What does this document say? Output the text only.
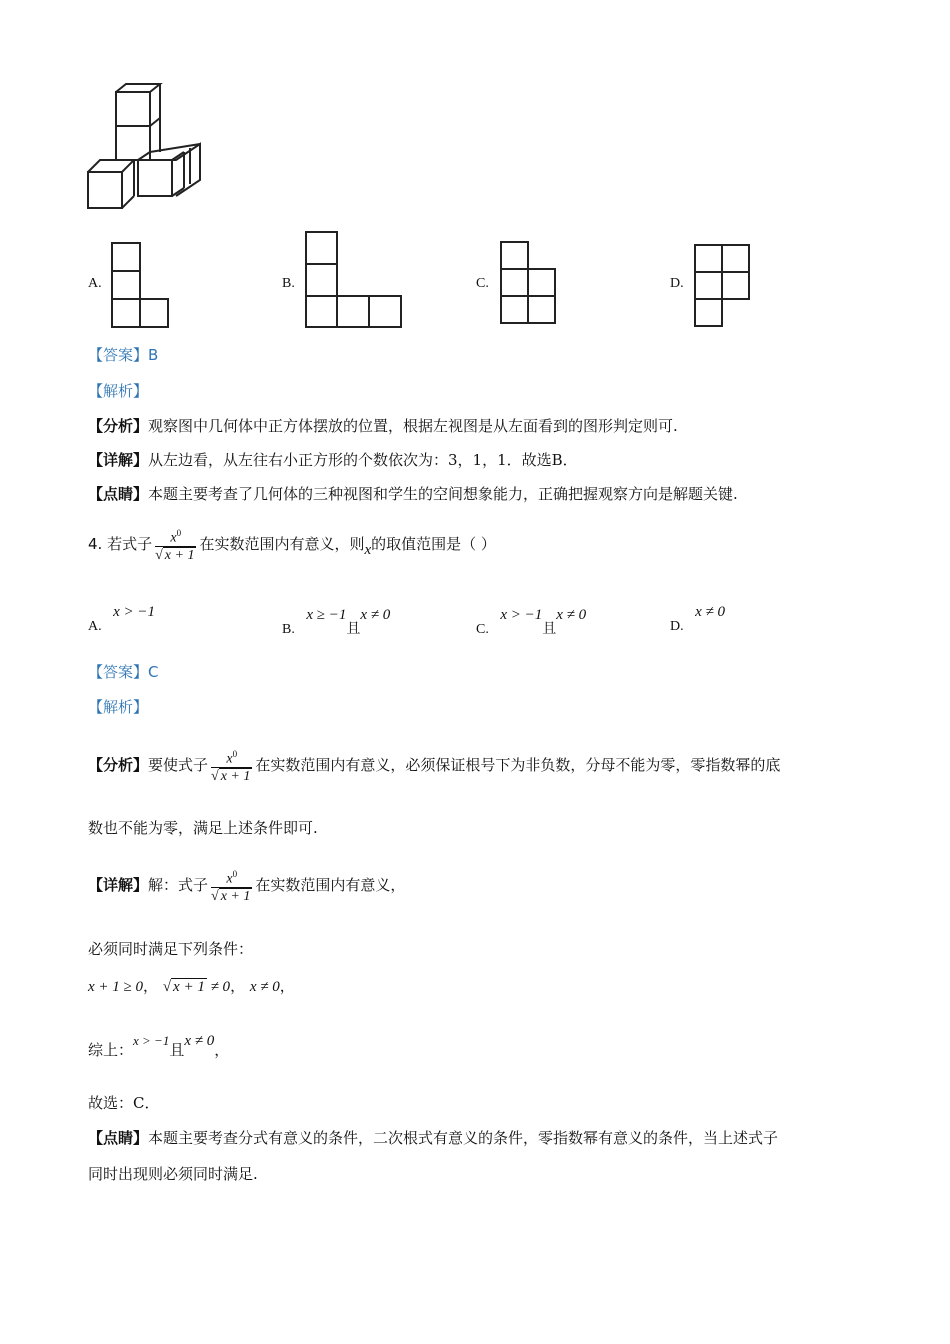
A.	B.	C.	D.
【答案】B
【解析】
【分析】观察图中几何体中正方体摆放的位置，根据左视图是从左面看到的图形判定则可.
【详解】从左边看，从左往右小正方形的个数依次为：3，1，1．故选B．
【点睛】本题主要考查了几何体的三种视图和学生的空间想象能力，正确把握观察方向是解题关键.
4. 若式子 $\frac{x^0}{√ x + 1}$ 在实数范围内有意义，则x的取值范围是（ ）
A. x > −1
B. x ≥ −1且x ≠ 0
C. x > −1且x ≠ 0
D. x ≠ 0
【答案】C
【解析】
【分析】要使式子 $\frac{x^0}{√ x + 1}$ 在实数范围内有意义，必须保证根号下为非负数，分母不能为零，零指数幂的底
数也不能为零，满足上述条件即可.
【详解】解：式子 $\frac{x^0}{√ x + 1}$ 在实数范围内有意义，
必须同时满足下列条件：
x + 1 ≥ 0， √ x + 1 ≠ 0， x ≠ 0，
综上：x > −1且x ≠ 0，
故选：C．
【点睛】本题主要考查分式有意义的条件，二次根式有意义的条件，零指数幂有意义的条件，当上述式子
同时出现则必须同时满足.
